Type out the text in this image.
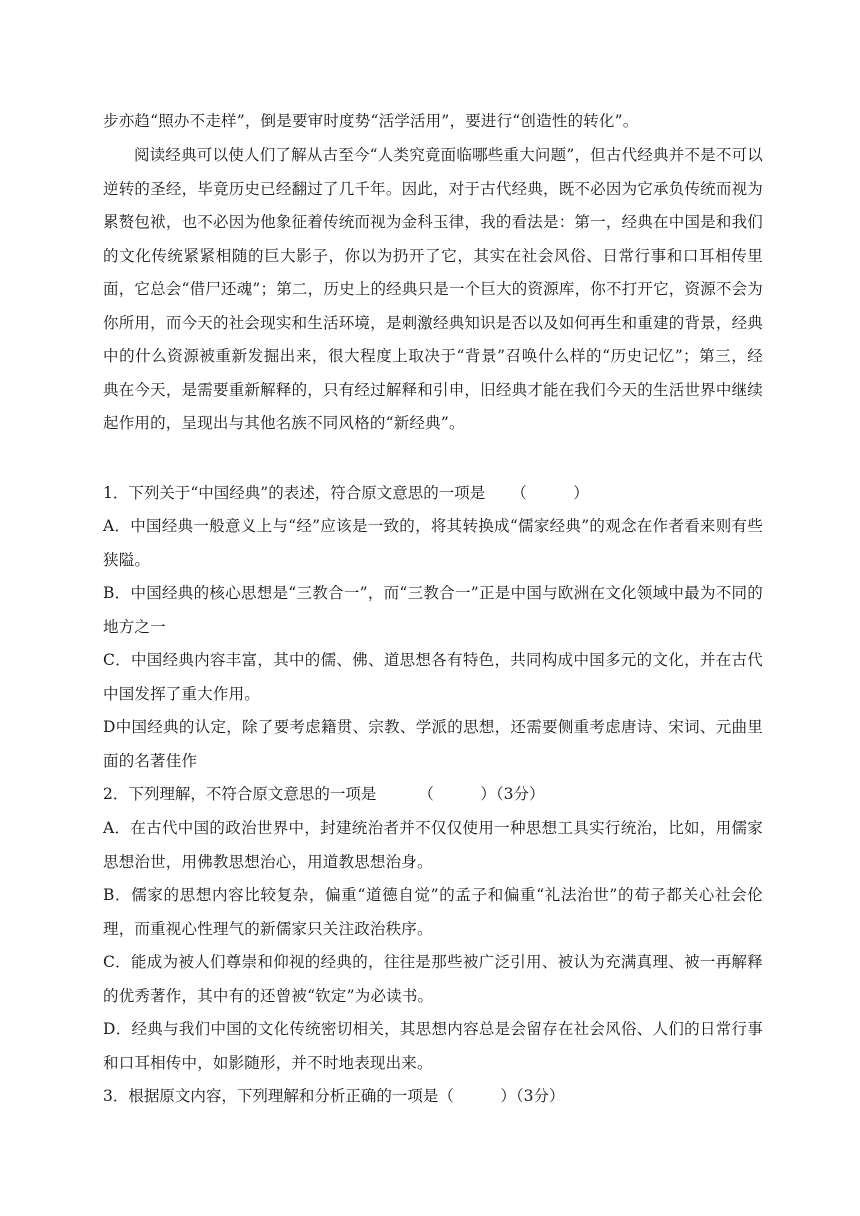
步亦趋“照办不走样”，倒是要审时度势“活学活用”，要进行“创造性的转化”。
阅读经典可以使人们了解从古至今“人类究竟面临哪些重大问题”，但古代经典并不是不可以逆转的圣经，毕竟历史已经翻过了几千年。因此，对于古代经典，既不必因为它承负传统而视为累赘包袱，也不必因为他象征着传统而视为金科玉律，我的看法是：第一，经典在中国是和我们的文化传统紧紧相随的巨大影子，你以为扔开了它，其实在社会风俗、日常行事和口耳相传里面，它总会“借尸还魂”；第二，历史上的经典只是一个巨大的资源库，你不打开它，资源不会为你所用，而今天的社会现实和生活环境，是刺激经典知识是否以及如何再生和重建的背景，经典中的什么资源被重新发掘出来，很大程度上取决于“背景”召唤什么样的“历史记忆”；第三，经典在今天，是需要重新解释的，只有经过解释和引申，旧经典才能在我们今天的生活世界中继续起作用的，呈现出与其他名族不同风格的“新经典”。
1．下列关于“中国经典”的表述，符合原文意思的一项是 （　　　）
A．中国经典一般意义上与“经”应该是一致的，将其转换成“儒家经典”的观念在作者看来则有些狭隘。
B．中国经典的核心思想是“三教合一”，而“三教合一”正是中国与欧洲在文化领域中最为不同的地方之一
C．中国经典内容丰富，其中的儒、佛、道思想各有特色，共同构成中国多元的文化，并在古代中国发挥了重大作用。
D中国经典的认定，除了要考虑籍贯、宗教、学派的思想，还需要侧重考虑唐诗、宋词、元曲里面的名著佳作
2．下列理解，不符合原文意思的一项是	（　　　）（3分）
A．在古代中国的政治世界中，封建统治者并不仅仅使用一种思想工具实行统治，比如，用儒家思想治世，用佛教思想治心，用道教思想治身。
B．儒家的思想内容比较复杂，偏重“道德自觉”的孟子和偏重“礼法治世”的荀子都关心社会伦理，而重视心性理气的新儒家只关注政治秩序。
C．能成为被人们尊崇和仰视的经典的，往往是那些被广泛引用、被认为充满真理、被一再解释的优秀著作，其中有的还曾被“钦定”为必读书。
D．经典与我们中国的文化传统密切相关，其思想内容总是会留存在社会风俗、人们的日常行事和口耳相传中，如影随形，并不时地表现出来。
3．根据原文内容，下列理解和分析正确的一项是（　　　）（3分）
